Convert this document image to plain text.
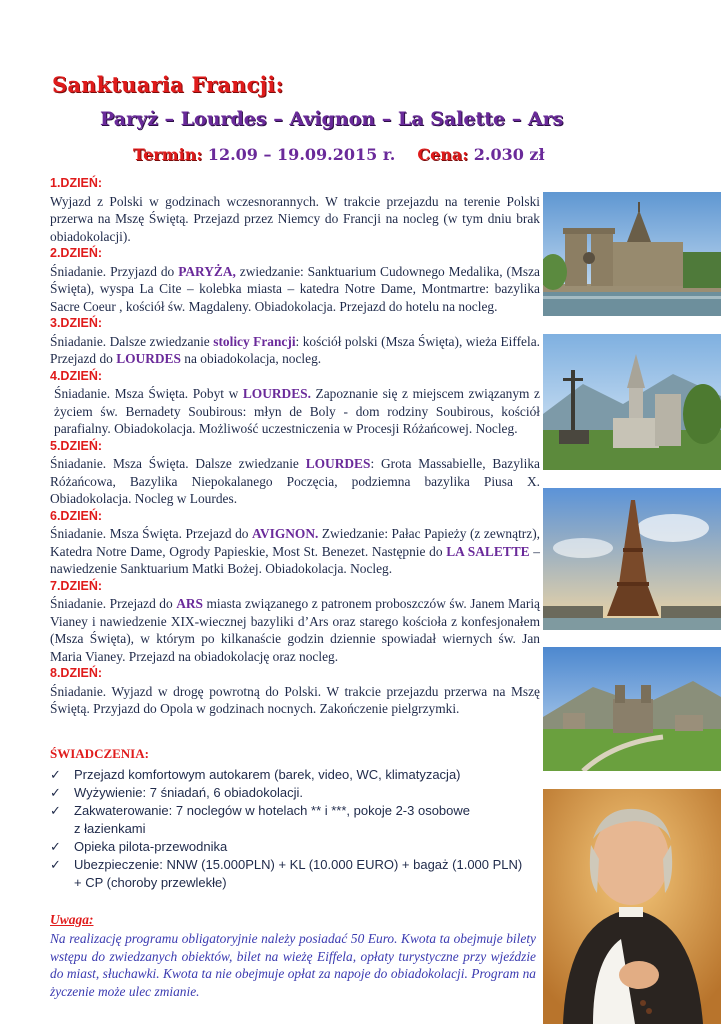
Sanktuaria Francji:
Paryż – Lourdes – Avignon – La Salette – Ars
Termin: 12.09 – 19.09.2015 r. Cena: 2.030 zł
1.DZIEŃ:

Wyjazd z Polski w godzinach wczesnorannych. W trakcie przejazdu na terenie Polski przerwa na Mszę Świętą. Przejazd przez Niemcy do Francji na nocleg (w tym dniu brak obiadokolacji).

2.DZIEŃ:

Śniadanie. Przyjazd do PARYŻA, zwiedzanie: Sanktuarium Cudownego Medalika, (Msza Święta), wyspa La Cite – kolebka miasta – katedra Notre Dame, Montmartre: bazylika Sacre Coeur , kościół św. Magdaleny. Obiadokolacja. Przejazd do hotelu na nocleg.

3.DZIEŃ:

Śniadanie. Dalsze zwiedzanie stolicy Francji: kościół polski (Msza Święta), wieża Eiffela. Przejazd do LOURDES na obiadokolacja, nocleg.

4.DZIEŃ:

Śniadanie. Msza Święta. Pobyt w LOURDES. Zapoznanie się z miejscem związanym z życiem św. Bernadety Soubirous: młyn de Boly - dom rodziny Soubirous, kościół parafialny. Obiadokolacja. Możliwość uczestniczenia w Procesji Różańcowej. Nocleg.

5.DZIEŃ:

Śniadanie. Msza Święta. Dalsze zwiedzanie LOURDES: Grota Massabielle, Bazylika Różańcowa, Bazylika Niepokalanego Poczęcia, podziemna bazylika Piusa X. Obiadokolacja. Nocleg w Lourdes.

6.DZIEŃ:

Śniadanie. Msza Święta. Przejazd do AVIGNON. Zwiedzanie: Pałac Papieży (z zewnątrz), Katedra Notre Dame, Ogrody Papieskie, Most St. Benezet. Następnie do LA SALETTE – nawiedzenie Sanktuarium Matki Bożej. Obiadokolacja. Nocleg.

7.DZIEŃ:

Śniadanie. Przejazd do ARS miasta związanego z patronem proboszczów św. Janem Marią Vianey i nawiedzenie XIX-wiecznej bazyliki d’Ars oraz starego kościoła z konfesjonałem (Msza Święta), w którym po kilkanaście godzin dziennie spowiadał wiernych św. Jan Maria Vianey. Przejazd na obiadokolację oraz nocleg.

8.DZIEŃ:

Śniadanie. Wyjazd w drogę powrotną do Polski. W trakcie przejazdu przerwa na Mszę Świętą. Przyjazd do Opola w godzinach nocnych. Zakończenie pielgrzymki.

ŚWIADCZENIA:
✓ Przejazd komfortowym autokarem (barek, video, WC, klimatyzacja)
✓ Wyżywienie: 7 śniadań, 6 obiadokolacji.
✓ Zakwaterowanie: 7 noclegów w hotelach ** i ***, pokoje 2-3 osobowe
z łazienkami
✓ Opieka pilota-przewodnika
✓ Ubezpieczenie: NNW (15.000PLN) + KL (10.000 EURO) + bagaż (1.000 PLN)
+ CP (choroby przewlekłe)
Uwaga:

Na realizację programu obligatoryjnie należy posiadać 50 Euro. Kwota ta obejmuje bilety wstępu do zwiedzanych obiektów, bilet na wieżę Eiffela, opłaty turystyczne przy wjeździe do miast, słuchawki. Kwota ta nie obejmuje opłat za napoje do obiadokolacji. Program na życzenie może ulec zmianie.
